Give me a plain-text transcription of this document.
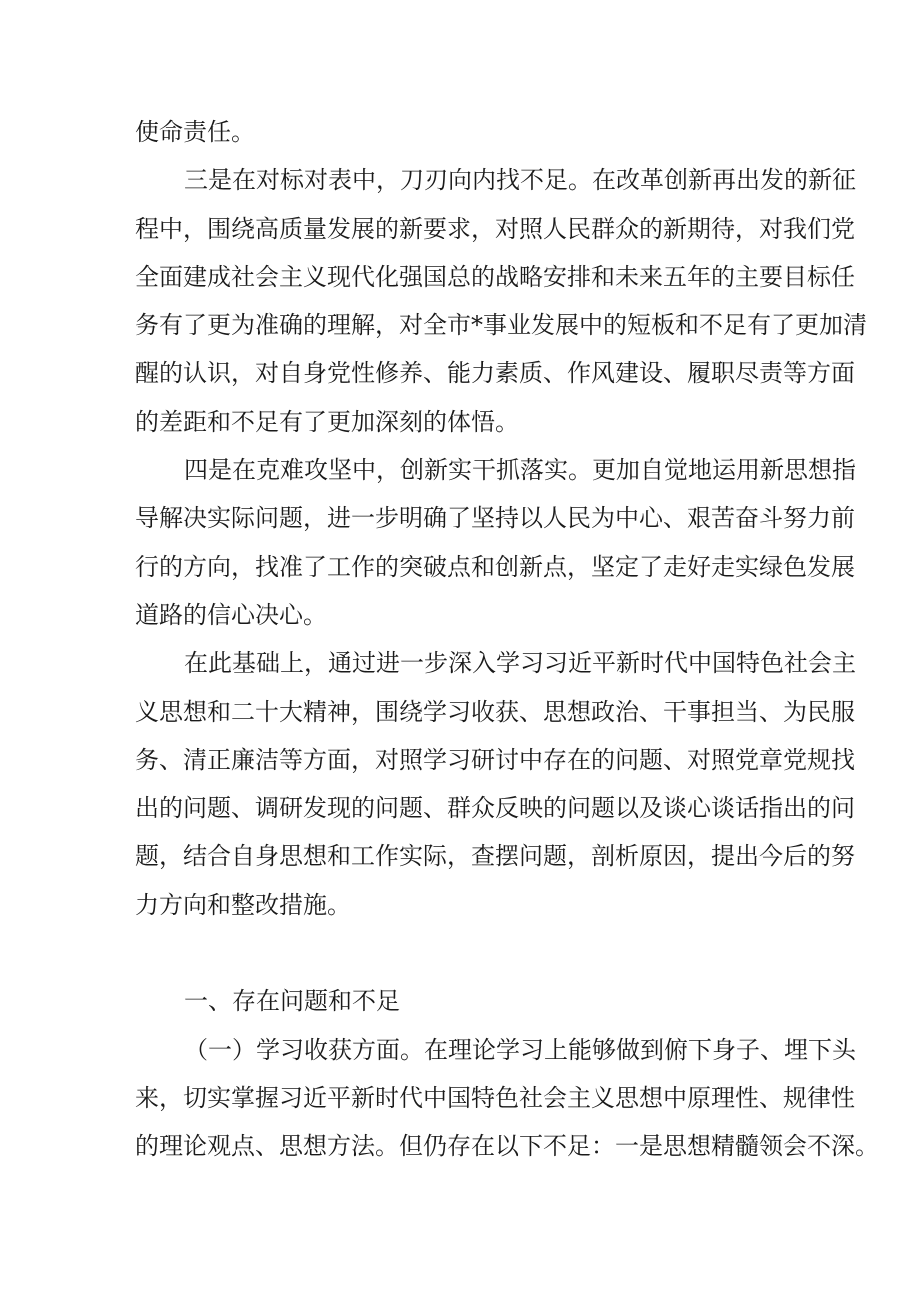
使命责任。
三是在对标对表中，刀刃向内找不足。在改革创新再出发的新征
程中，围绕高质量发展的新要求，对照人民群众的新期待，对我们党
全面建成社会主义现代化强国总的战略安排和未来五年的主要目标任
务有了更为准确的理解，对全市*事业发展中的短板和不足有了更加清
醒的认识，对自身党性修养、能力素质、作风建设、履职尽责等方面
的差距和不足有了更加深刻的体悟。
四是在克难攻坚中，创新实干抓落实。更加自觉地运用新思想指
导解决实际问题，进一步明确了坚持以人民为中心、艰苦奋斗努力前
行的方向，找准了工作的突破点和创新点，坚定了走好走实绿色发展
道路的信心决心。
在此基础上，通过进一步深入学习习近平新时代中国特色社会主
义思想和二十大精神，围绕学习收获、思想政治、干事担当、为民服
务、清正廉洁等方面，对照学习研讨中存在的问题、对照党章党规找
出的问题、调研发现的问题、群众反映的问题以及谈心谈话指出的问
题，结合自身思想和工作实际，查摆问题，剖析原因，提出今后的努
力方向和整改措施。
一、存在问题和不足
（一）学习收获方面。在理论学习上能够做到俯下身子、埋下头
来，切实掌握习近平新时代中国特色社会主义思想中原理性、规律性
的理论观点、思想方法。但仍存在以下不足：一是思想精髓领会不深。
